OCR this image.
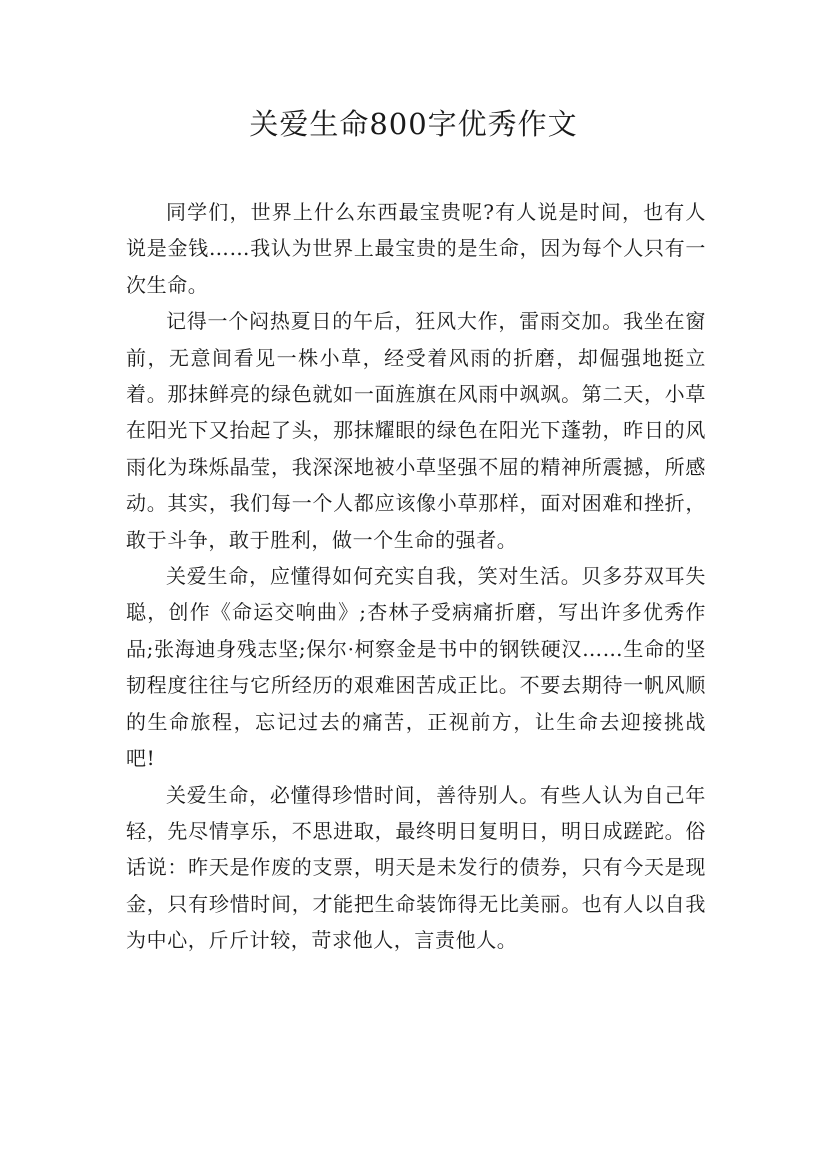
关爱生命800字优秀作文

同学们，世界上什么东西最宝贵呢?有人说是时间，也有人说是金钱……我认为世界上最宝贵的是生命，因为每个人只有一次生命。

记得一个闷热夏日的午后，狂风大作，雷雨交加。我坐在窗前，无意间看见一株小草，经受着风雨的折磨，却倔强地挺立着。那抹鲜亮的绿色就如一面旌旗在风雨中飒飒。第二天，小草在阳光下又抬起了头，那抹耀眼的绿色在阳光下蓬勃，昨日的风雨化为珠烁晶莹，我深深地被小草坚强不屈的精神所震撼，所感动。其实，我们每一个人都应该像小草那样，面对困难和挫折，敢于斗争，敢于胜利，做一个生命的强者。

关爱生命，应懂得如何充实自我，笑对生活。贝多芬双耳失聪，创作《命运交响曲》;杏林子受病痛折磨，写出许多优秀作品;张海迪身残志坚;保尔·柯察金是书中的钢铁硬汉……生命的坚韧程度往往与它所经历的艰难困苦成正比。不要去期待一帆风顺的生命旅程，忘记过去的痛苦，正视前方，让生命去迎接挑战吧!

关爱生命，必懂得珍惜时间，善待别人。有些人认为自己年轻，先尽情享乐，不思进取，最终明日复明日，明日成蹉跎。俗话说：昨天是作废的支票，明天是未发行的债券，只有今天是现金，只有珍惜时间，才能把生命装饰得无比美丽。也有人以自我为中心，斤斤计较，苛求他人，言责他人。
